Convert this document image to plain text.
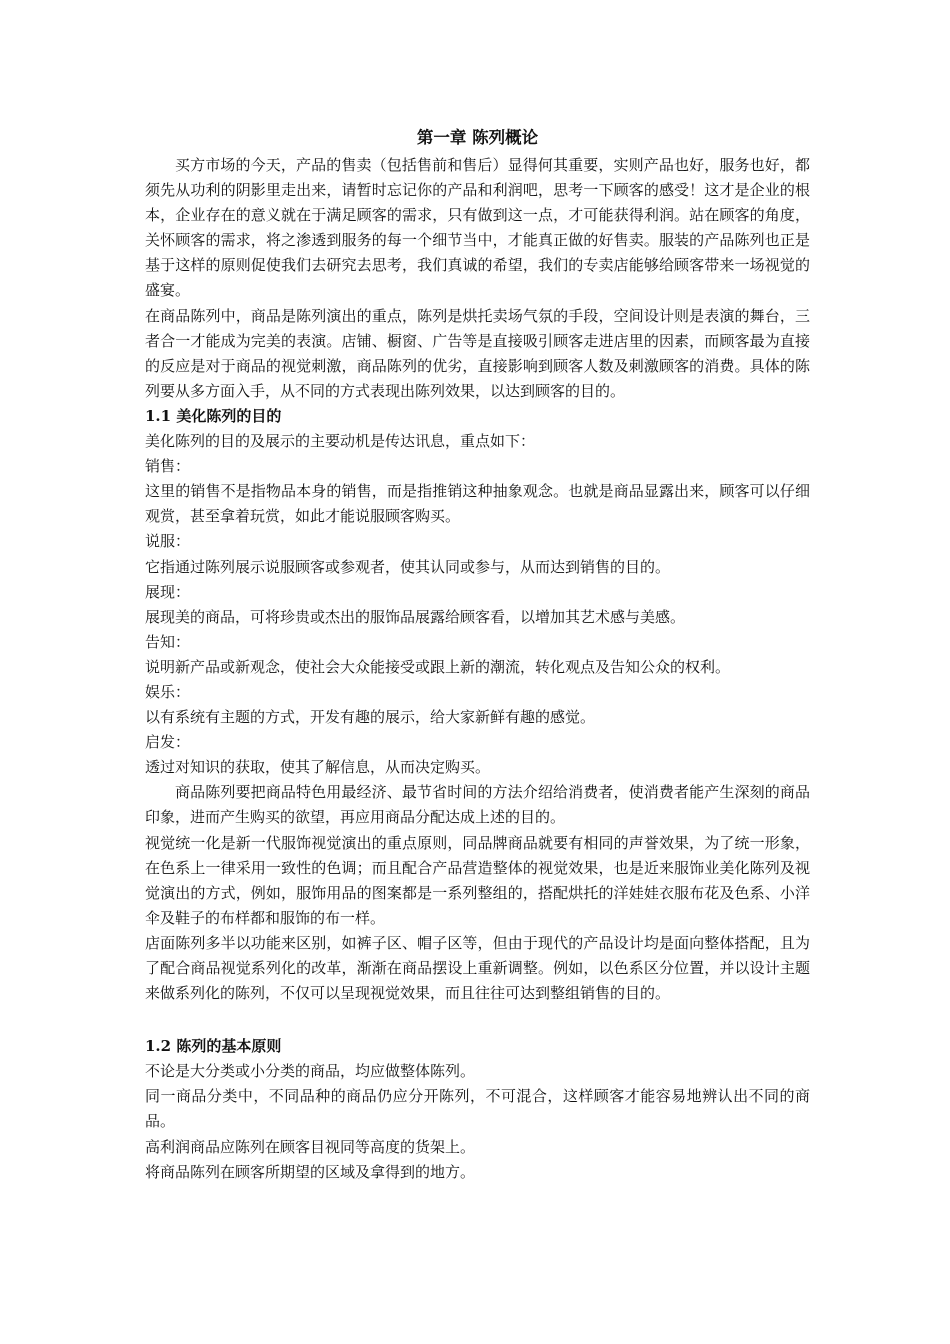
第一章 陈列概论

买方市场的今天，产品的售卖（包括售前和售后）显得何其重要，实则产品也好，服务也好，都须先从功利的阴影里走出来，请暂时忘记你的产品和利润吧，思考一下顾客的感受！这才是企业的根本，企业存在的意义就在于满足顾客的需求，只有做到这一点，才可能获得利润。站在顾客的角度，关怀顾客的需求，将之渗透到服务的每一个细节当中，才能真正做的好售卖。服装的产品陈列也正是基于这样的原则促使我们去研究去思考，我们真诚的希望，我们的专卖店能够给顾客带来一场视觉的盛宴。

在商品陈列中，商品是陈列演出的重点，陈列是烘托卖场气氛的手段，空间设计则是表演的舞台，三者合一才能成为完美的表演。店铺、橱窗、广告等是直接吸引顾客走进店里的因素，而顾客最为直接的反应是对于商品的视觉刺激，商品陈列的优劣，直接影响到顾客人数及刺激顾客的消费。具体的陈列要从多方面入手，从不同的方式表现出陈列效果，以达到顾客的目的。

1.1 美化陈列的目的

美化陈列的目的及展示的主要动机是传达讯息，重点如下：

销售：

这里的销售不是指物品本身的销售，而是指推销这种抽象观念。也就是商品显露出来，顾客可以仔细观赏，甚至拿着玩赏，如此才能说服顾客购买。

说服：

它指通过陈列展示说服顾客或参观者，使其认同或参与，从而达到销售的目的。

展现：

展现美的商品，可将珍贵或杰出的服饰品展露给顾客看，以增加其艺术感与美感。

告知：

说明新产品或新观念，使社会大众能接受或跟上新的潮流，转化观点及告知公众的权利。

娱乐：

以有系统有主题的方式，开发有趣的展示，给大家新鲜有趣的感觉。

启发：

透过对知识的获取，使其了解信息，从而决定购买。

商品陈列要把商品特色用最经济、最节省时间的方法介绍给消费者，使消费者能产生深刻的商品印象，进而产生购买的欲望，再应用商品分配达成上述的目的。

视觉统一化是新一代服饰视觉演出的重点原则，同品牌商品就要有相同的声誉效果，为了统一形象，在色系上一律采用一致性的色调；而且配合产品营造整体的视觉效果，也是近来服饰业美化陈列及视觉演出的方式，例如，服饰用品的图案都是一系列整组的，搭配烘托的洋娃娃衣服布花及色系、小洋伞及鞋子的布样都和服饰的布一样。

店面陈列多半以功能来区别，如裤子区、帽子区等，但由于现代的产品设计均是面向整体搭配，且为了配合商品视觉系列化的改革，渐渐在商品摆设上重新调整。例如，以色系区分位置，并以设计主题来做系列化的陈列，不仅可以呈现视觉效果，而且往往可达到整组销售的目的。

1.2 陈列的基本原则

不论是大分类或小分类的商品，均应做整体陈列。

同一商品分类中，不同品种的商品仍应分开陈列，不可混合，这样顾客才能容易地辨认出不同的商品。

高利润商品应陈列在顾客目视同等高度的货架上。

将商品陈列在顾客所期望的区域及拿得到的地方。
